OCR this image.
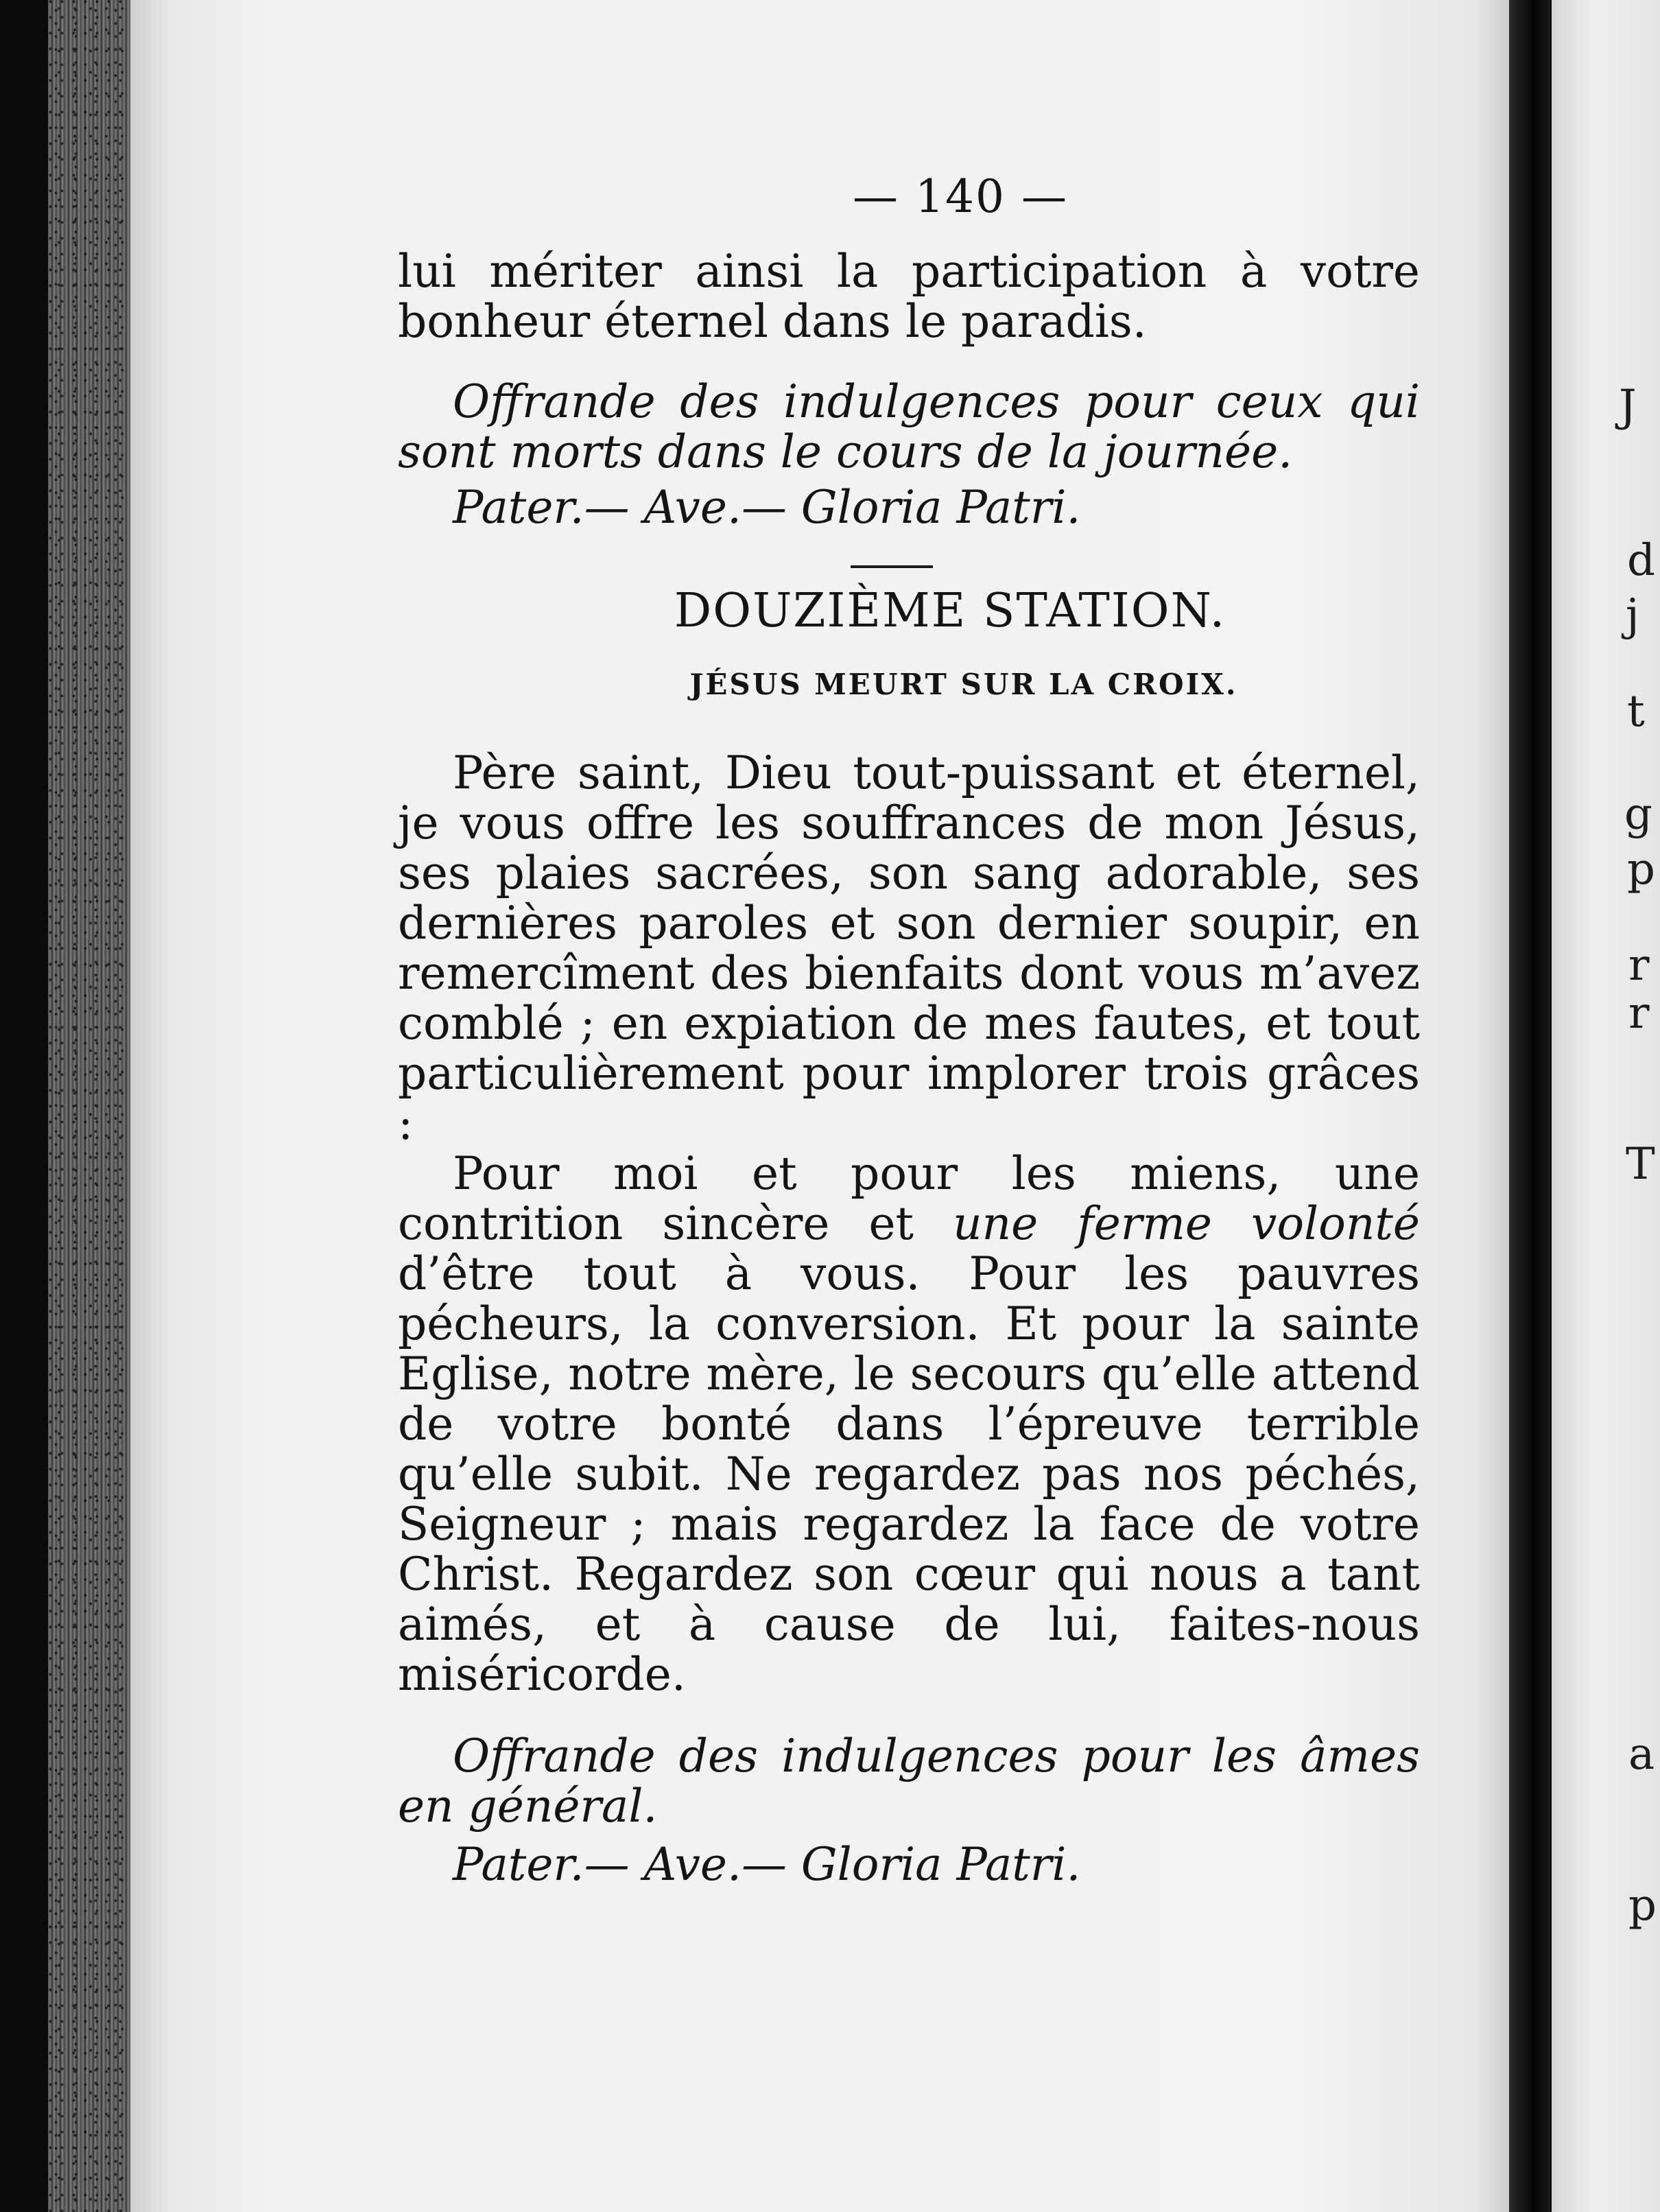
J
d
j
t
g
p
r
r
T
a
p
— 140 —

lui mériter ainsi la participation à votre bonheur éternel dans le paradis.

Offrande des indulgences pour ceux qui sont morts dans le cours de la journée.

Pater.— Ave.— Gloria Patri.

DOUZIÈME STATION.
JÉSUS MEURT SUR LA CROIX.

Père saint, Dieu tout-puissant et éternel, je vous offre les souffrances de mon Jésus, ses plaies sacrées, son sang adorable, ses dernières paroles et son dernier soupir, en remercîment des bienfaits dont vous m’avez comblé ; en expiation de mes fautes, et tout particulièrement pour implorer trois grâces :

Pour moi et pour les miens, une contrition sincère et une ferme volonté d’être tout à vous. Pour les pauvres pécheurs, la conversion. Et pour la sainte Eglise, notre mère, le secours qu’elle attend de votre bonté dans l’épreuve terrible qu’elle subit. Ne regardez pas nos péchés, Seigneur ; mais regardez la face de votre Christ. Regardez son cœur qui nous a tant aimés, et à cause de lui, faites-nous miséricorde.

Offrande des indulgences pour les âmes en général.

Pater.— Ave.— Gloria Patri.
